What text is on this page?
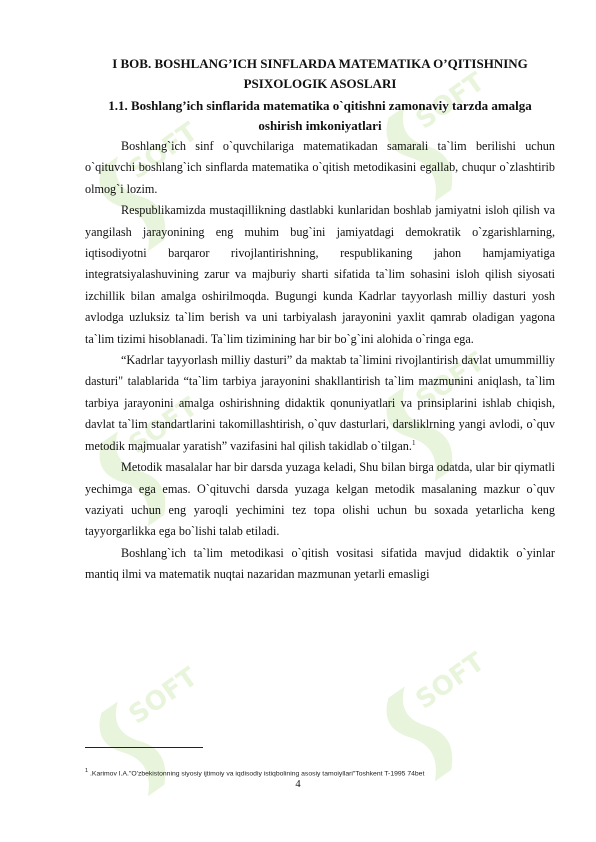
SOFT
SOFT
SOFT
SOFT
SOFT	SOFT

I BOB. BOSHLANG’ICH SINFLARDA MATEMATIKA O’QITISHNING PSIXOLOGIK ASOSLARI

1.1. Boshlang’ich sinflarida matematika o`qitishni zamonaviy tarzda amalga oshirish imkoniyatlari

Boshlang`ich sinf o`quvchilariga matematikadan samarali ta`lim berilishi uchun o`qituvchi boshlang`ich sinflarda matematika o`qitish metodikasini egallab, chuqur o`zlashtirib olmog`i lozim.

Respublikamizda mustaqillikning dastlabki kunlaridan boshlab jamiyatni isloh qilish va yangilash jarayonining eng muhim bug`ini jamiyatdagi demokratik o`zgarishlarning, iqtisodiyotni barqaror rivojlantirishning, respublikaning jahon hamjamiyatiga integratsiyalashuvining zarur va majburiy sharti sifatida ta`lim sohasini isloh qilish siyosati izchillik bilan amalga oshirilmoqda. Bugungi kunda Kadrlar tayyorlash milliy dasturi yosh avlodga uzluksiz ta`lim berish va uni tarbiyalash jarayonini yaxlit qamrab oladigan yagona ta`lim tizimi hisoblanadi. Ta`lim tizimining har bir bo`g`ini alohida o`ringa ega.

“Kadrlar tayyorlash milliy dasturi” da maktab ta`limini rivojlantirish davlat umummilliy dasturi" talablarida “ta`lim tarbiya jarayonini shakllantirish ta`lim mazmunini aniqlash, ta`lim tarbiya jarayonini amalga oshirishning didaktik qonuniyatlari va prinsiplarini ishlab chiqish, davlat ta`lim standartlarini takomillashtirish, o`quv dasturlari, darsliklrning yangi avlodi, o`quv metodik majmualar yaratish” vazifasini hal qilish takidlab o`tilgan.$^1$

Metodik masalalar har bir darsda yuzaga keladi, Shu bilan birga odatda, ular bir qiymatli yechimga ega emas. O`qituvchi darsda yuzaga kelgan metodik masalaning mazkur o`quv vaziyati uchun eng yaroqli yechimini tez topa olishi uchun bu soxada yetarlicha keng tayyorgarlikka ega bo`lishi talab etiladi.

Boshlang`ich ta`lim metodikasi o`qitish vositasi sifatida mavjud didaktik o`yinlar mantiq ilmi va matematik nuqtai nazaridan mazmunan yetarli emasligi

$^1$ .Karimov I.A."O'zbekistonning siyosiy ijtimoiy va iqdisodiy istiqbolining asosiy tamoiyllari"Toshkent T-1995 74bet
4
